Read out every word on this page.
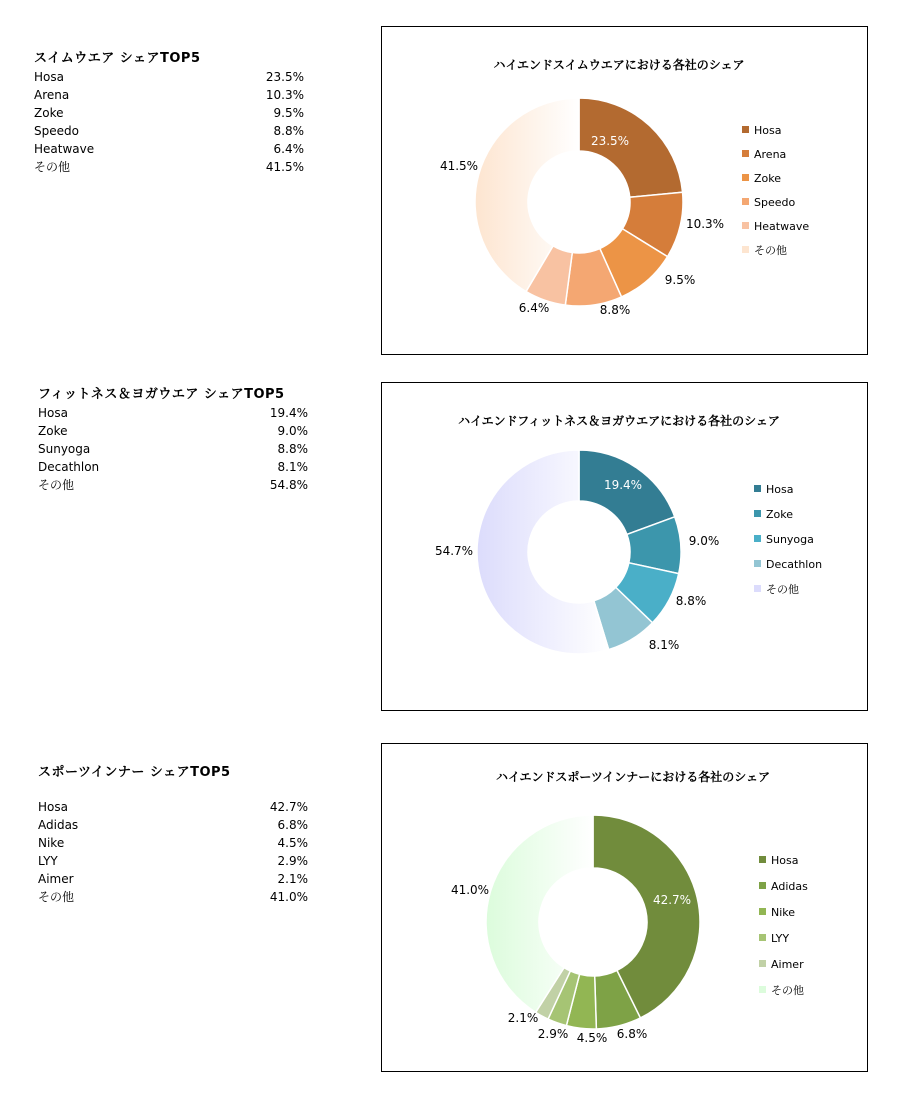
スイムウエア シェアTOP5
Hosa	23.5%
Arena	10.3%
Zoke	9.5%
Speedo	8.8%
Heatwave	6.4%
その他	41.5%
フィットネス＆ヨガウエア シェアTOP5
Hosa	19.4%
Zoke	9.0%
Sunyoga	8.8%
Decathlon	8.1%
その他	54.8%
スポーツインナー シェアTOP5
Hosa	42.7%
Adidas	6.8%
Nike	4.5%
LYY	2.9%
Aimer	2.1%
その他	41.0%
ハイエンドスイムウエアにおける各社のシェア
23.5%
10.3%
9.5%
8.8%
6.4%
41.5%
Hosa
Arena
Zoke
Speedo
Heatwave
その他
ハイエンドフィットネス＆ヨガウエアにおける各社のシェア
19.4%
9.0%
8.8%
8.1%
54.7%
Hosa
Zoke
Sunyoga
Decathlon
その他
ハイエンドスポーツインナーにおける各社のシェア
42.7%
6.8%
4.5%
2.9%
2.1%
41.0%
Hosa
Adidas
Nike
LYY
Aimer
その他
